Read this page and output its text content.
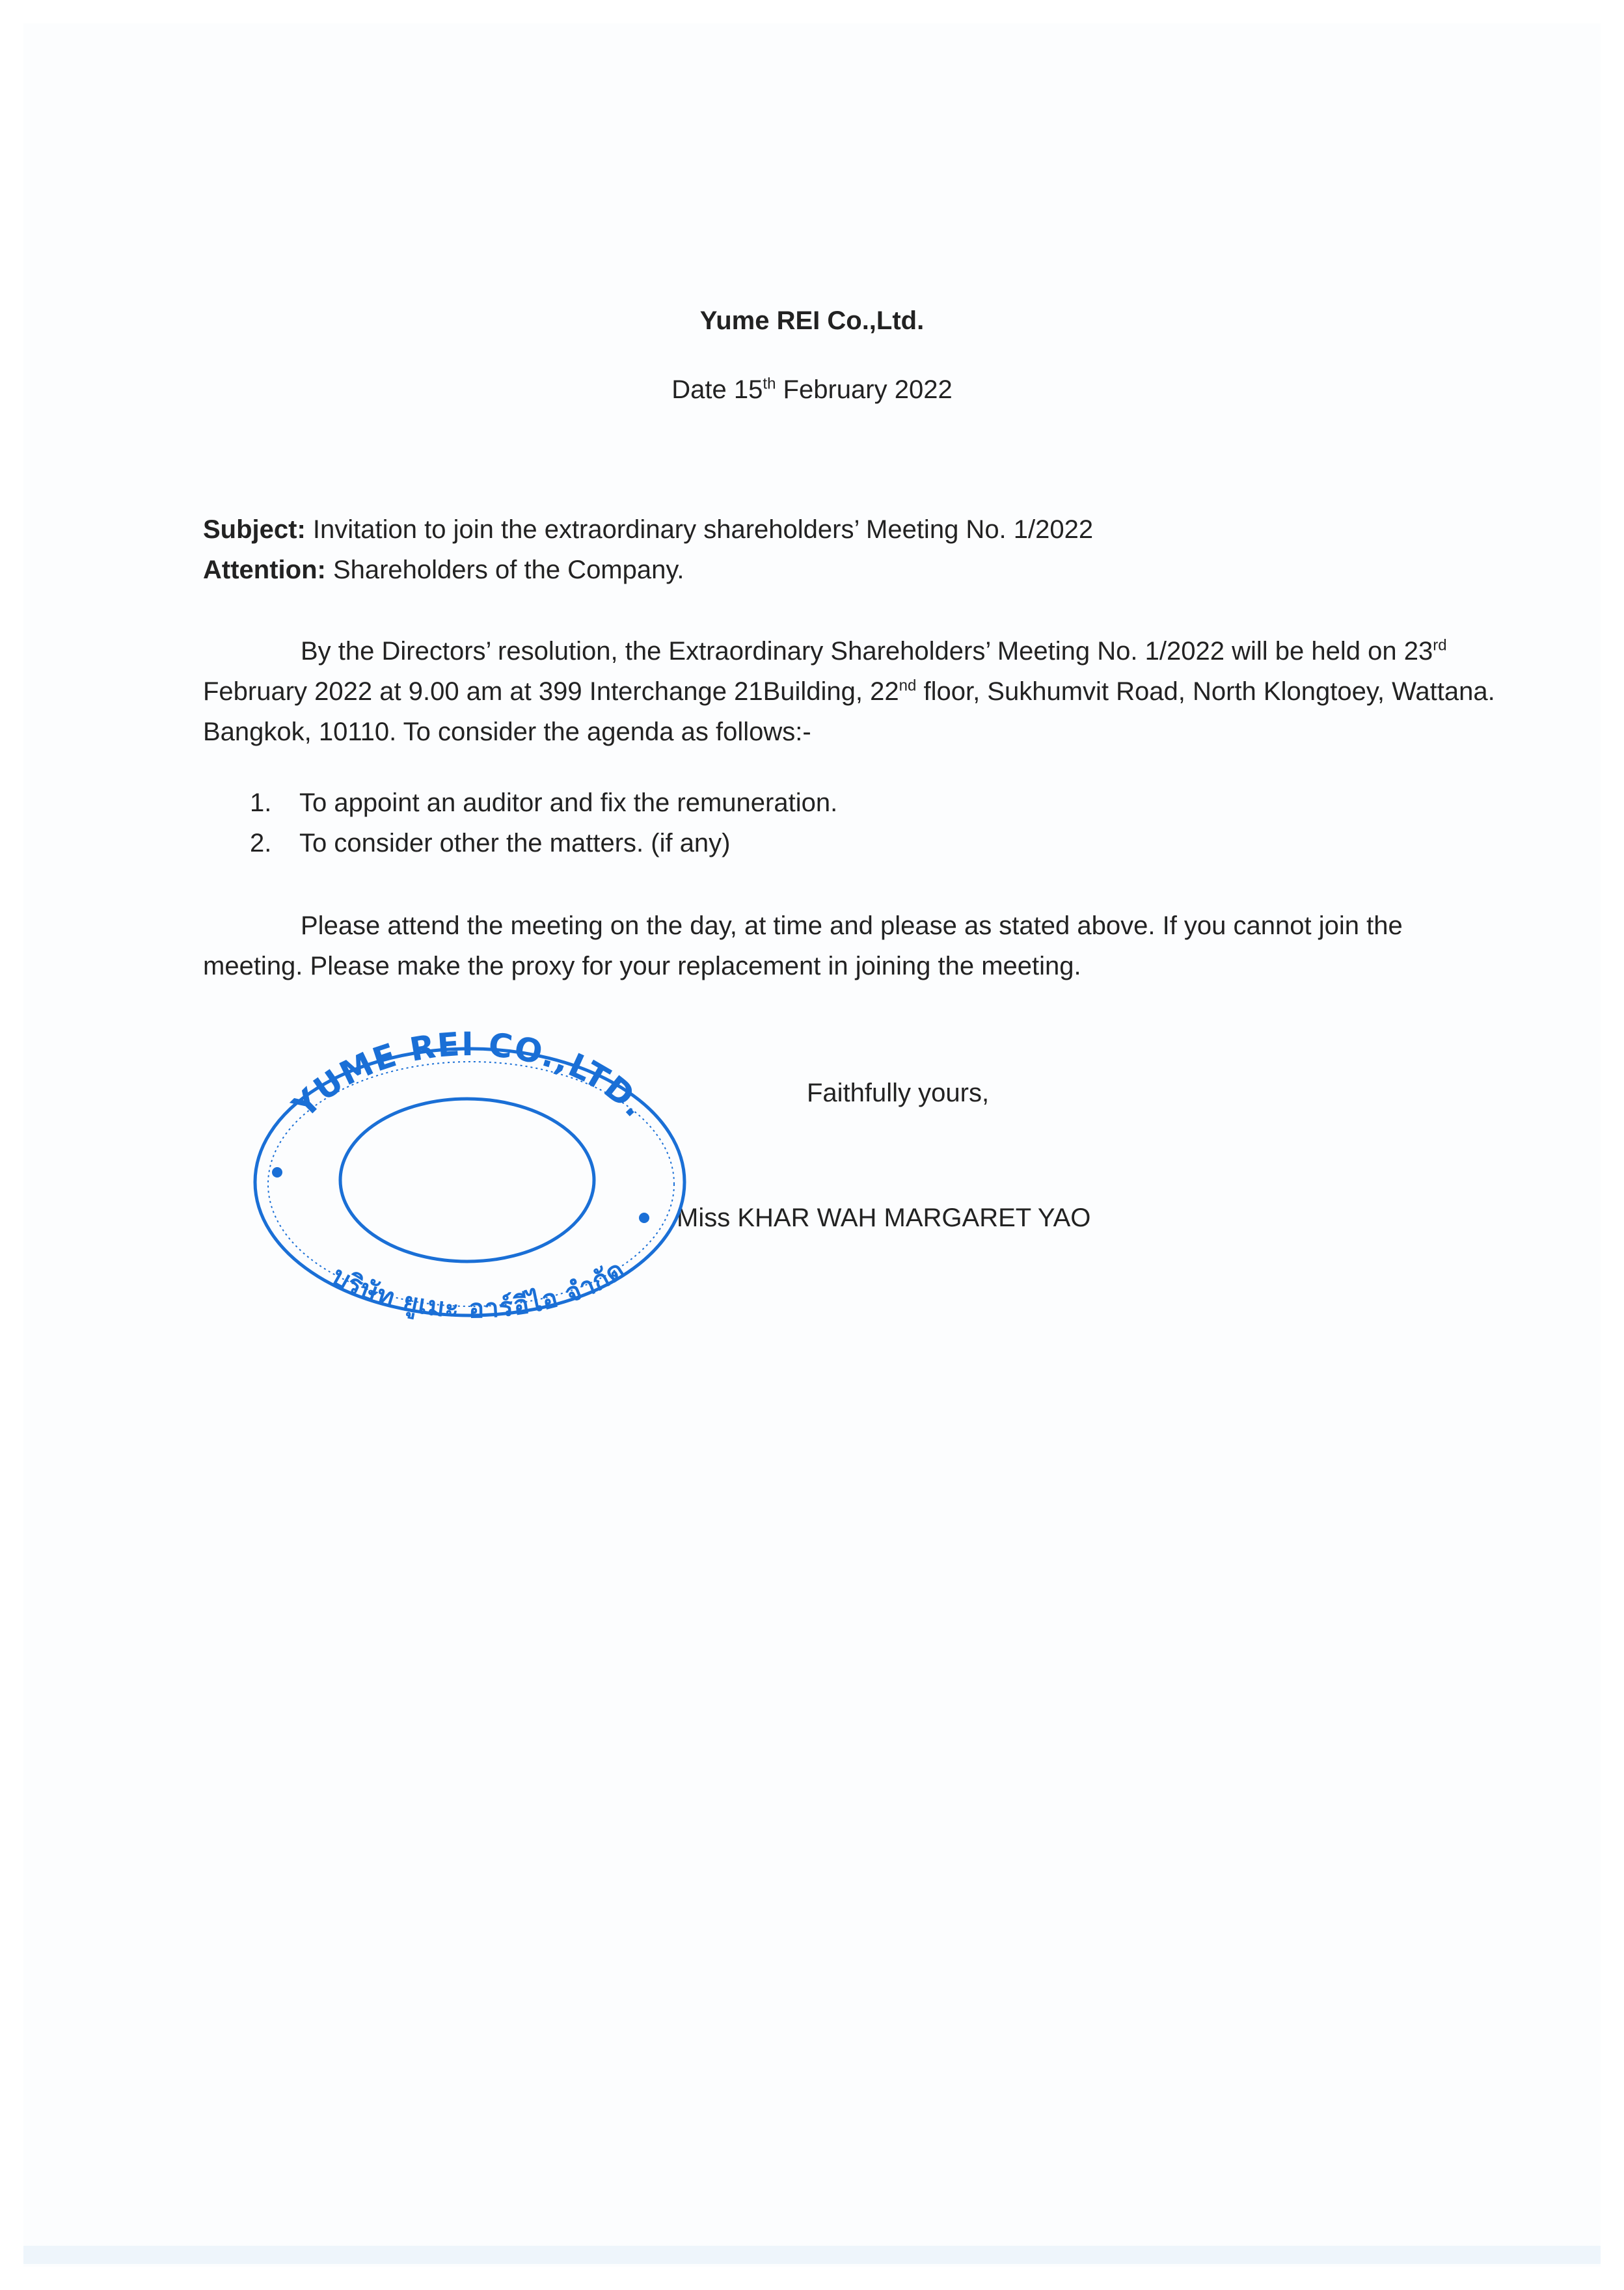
Yume REI Co.,Ltd.
Date 15th February 2022
Subject: Invitation to join the extraordinary shareholders’ Meeting No. 1/2022
Attention: Shareholders of the Company.
By the Directors’ resolution, the Extraordinary Shareholders’ Meeting No. 1/2022 will be held on 23rd February 2022 at 9.00 am at 399 Interchange 21Building, 22nd floor, Sukhumvit Road, North Klongtoey, Wattana. Bangkok, 10110. To consider the agenda as follows:-
1. To appoint an auditor and fix the remuneration.
2. To consider other the matters. (if any)
Please attend the meeting on the day, at time and please as stated above. If you cannot join the meeting. Please make the proxy for your replacement in joining the meeting.
Faithfully yours,
Miss KHAR WAH MARGARET YAO
YUME REI CO.,LTD.
บริษัท ยูเมะ อาร์อีไอ จำกัด
